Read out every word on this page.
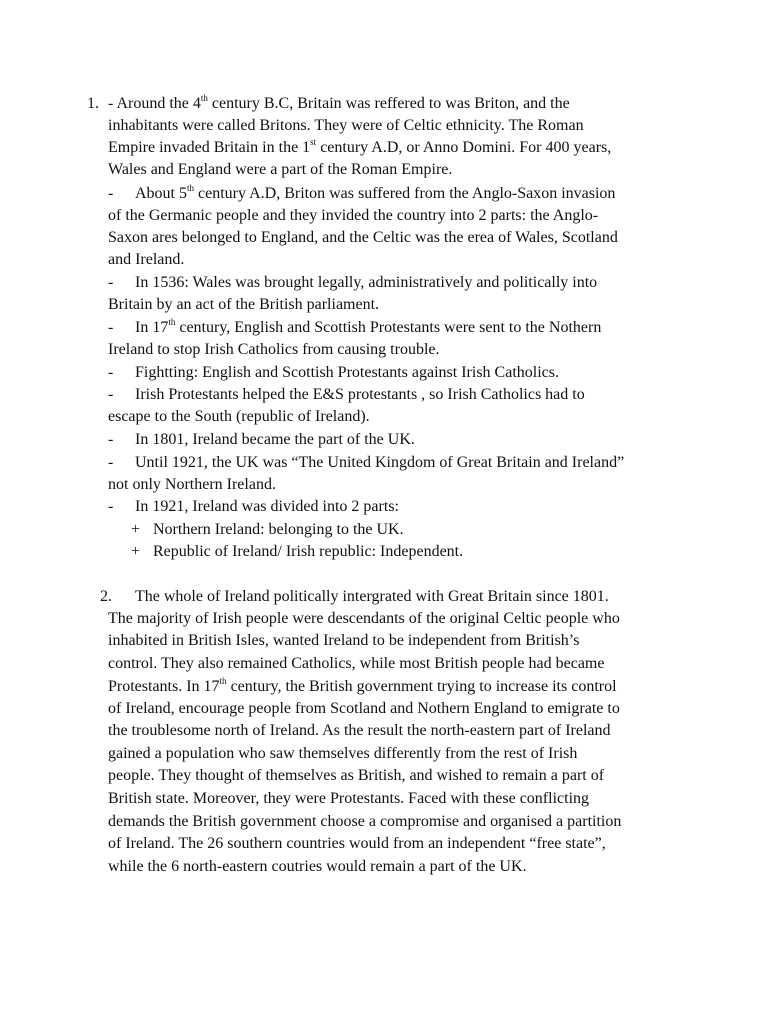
1. - Around the 4th century B.C, Britain was reffered to was Briton, and the
inhabitants were called Britons. They were of Celtic ethnicity. The Roman
Empire invaded Britain in the 1st century A.D, or Anno Domini. For 400 years,
Wales and England were a part of the Roman Empire.
- About 5th century A.D, Briton was suffered from the Anglo-Saxon invasion
of the Germanic people and they invided the country into 2 parts: the Anglo-
Saxon ares belonged to England, and the Celtic was the erea of Wales, Scotland
and Ireland.
- In 1536: Wales was brought legally, administratively and politically into
Britain by an act of the British parliament.
- In 17th century, English and Scottish Protestants were sent to the Nothern
Ireland to stop Irish Catholics from causing trouble.
- Fightting: English and Scottish Protestants against Irish Catholics.
- Irish Protestants helped the E&S protestants , so Irish Catholics had to
escape to the South (republic of Ireland).
- In 1801, Ireland became the part of the UK.
- Until 1921, the UK was “The United Kingdom of Great Britain and Ireland”
not only Northern Ireland.
- In 1921, Ireland was divided into 2 parts:
+ Northern Ireland: belonging to the UK.
+ Republic of Ireland/ Irish republic: Independent.
2. The whole of Ireland politically intergrated with Great Britain since 1801.
The majority of Irish people were descendants of the original Celtic people who
inhabited in British Isles, wanted Ireland to be independent from British’s
control. They also remained Catholics, while most British people had became
Protestants. In 17th century, the British government trying to increase its control
of Ireland, encourage people from Scotland and Nothern England to emigrate to
the troublesome north of Ireland. As the result the north-eastern part of Ireland
gained a population who saw themselves differently from the rest of Irish
people. They thought of themselves as British, and wished to remain a part of
British state. Moreover, they were Protestants. Faced with these conflicting
demands the British government choose a compromise and organised a partition
of Ireland. The 26 southern countries would from an independent “free state”,
while the 6 north-eastern coutries would remain a part of the UK.
